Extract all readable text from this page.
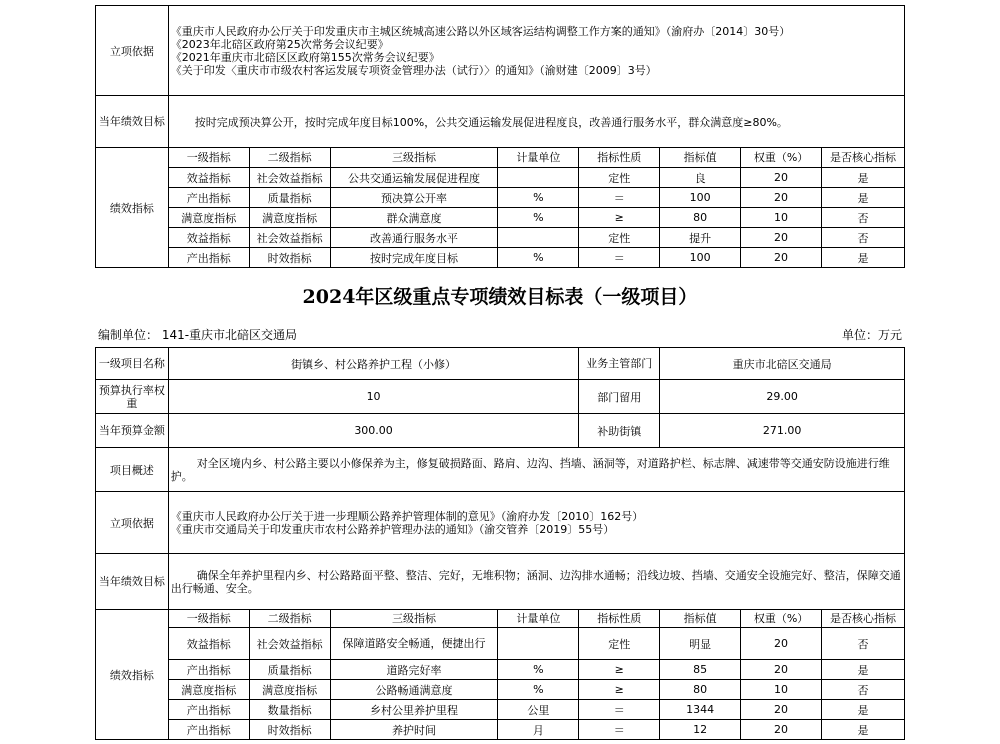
立项依据	《重庆市人民政府办公厅关于印发重庆市主城区统城高速公路以外区域客运结构调整工作方案的通知》（渝府办〔2014〕30号）
《2023年北碚区政府第25次常务会议纪要》
《2021年重庆市北碚区区政府第155次常务会议纪要》
《关于印发〈重庆市市级农村客运发展专项资金管理办法（试行）〉的通知》（渝财建〔2009〕3号）							

当年绩效目标	按时完成预决算公开，按时完成年度目标100%，公共交通运输发展促进程度良，改善通行服务水平，群众满意度≥80%。							
绩效指标	一级指标	二级指标	三级指标	计量单位	指标性质	指标值	权重（%）	是否核心指标
	效益指标	社会效益指标	公共交通运输发展促进程度		定性	良	20	是
	产出指标	质量指标	预决算公开率	%	＝	100	20	是
	满意度指标	满意度指标	群众满意度	%	≥	80	10	否
	效益指标	社会效益指标	改善通行服务水平		定性	提升	20	否
	产出指标	时效指标	按时完成年度目标	%	＝	100	20	是
2024年区级重点专项绩效目标表（一级项目）
编制单位： 141-重庆市北碚区交通局	单位：万元
一级项目名称	街镇乡、村公路养护工程（小修）				业务主管部门	重庆市北碚区交通局		
预算执行率权重	10				部门留用	29.00		
当年预算金额	300.00				补助街镇	271.00		
项目概述	对全区境内乡、村公路主要以小修保养为主，修复破损路面、路肩、边沟、挡墙、涵洞等，对道路护栏、标志牌、减速带等交通安防设施进行维护。							
立项依据	《重庆市人民政府办公厅关于进一步理顺公路养护管理体制的意见》（渝府办发〔2010〕162号）
《重庆市交通局关于印发重庆市农村公路养护管理办法的通知》（渝交管养〔2019〕55号）							

当年绩效目标	确保全年养护里程内乡、村公路路面平整、整洁、完好，无堆积物；涵洞、边沟排水通畅；沿线边坡、挡墙、交通安全设施完好、整洁，保障交通出行畅通、安全。							
绩效指标	一级指标	二级指标	三级指标	计量单位	指标性质	指标值	权重（%）	是否核心指标
	效益指标	社会效益指标	保障道路安全畅通，便捷出行		定性	明显	20	否
	产出指标	质量指标	道路完好率	%	≥	85	20	是
	满意度指标	满意度指标	公路畅通满意度	%	≥	80	10	否
	产出指标	数量指标	乡村公里养护里程	公里	＝	1344	20	是
	产出指标	时效指标	养护时间	月	＝	12	20	是
